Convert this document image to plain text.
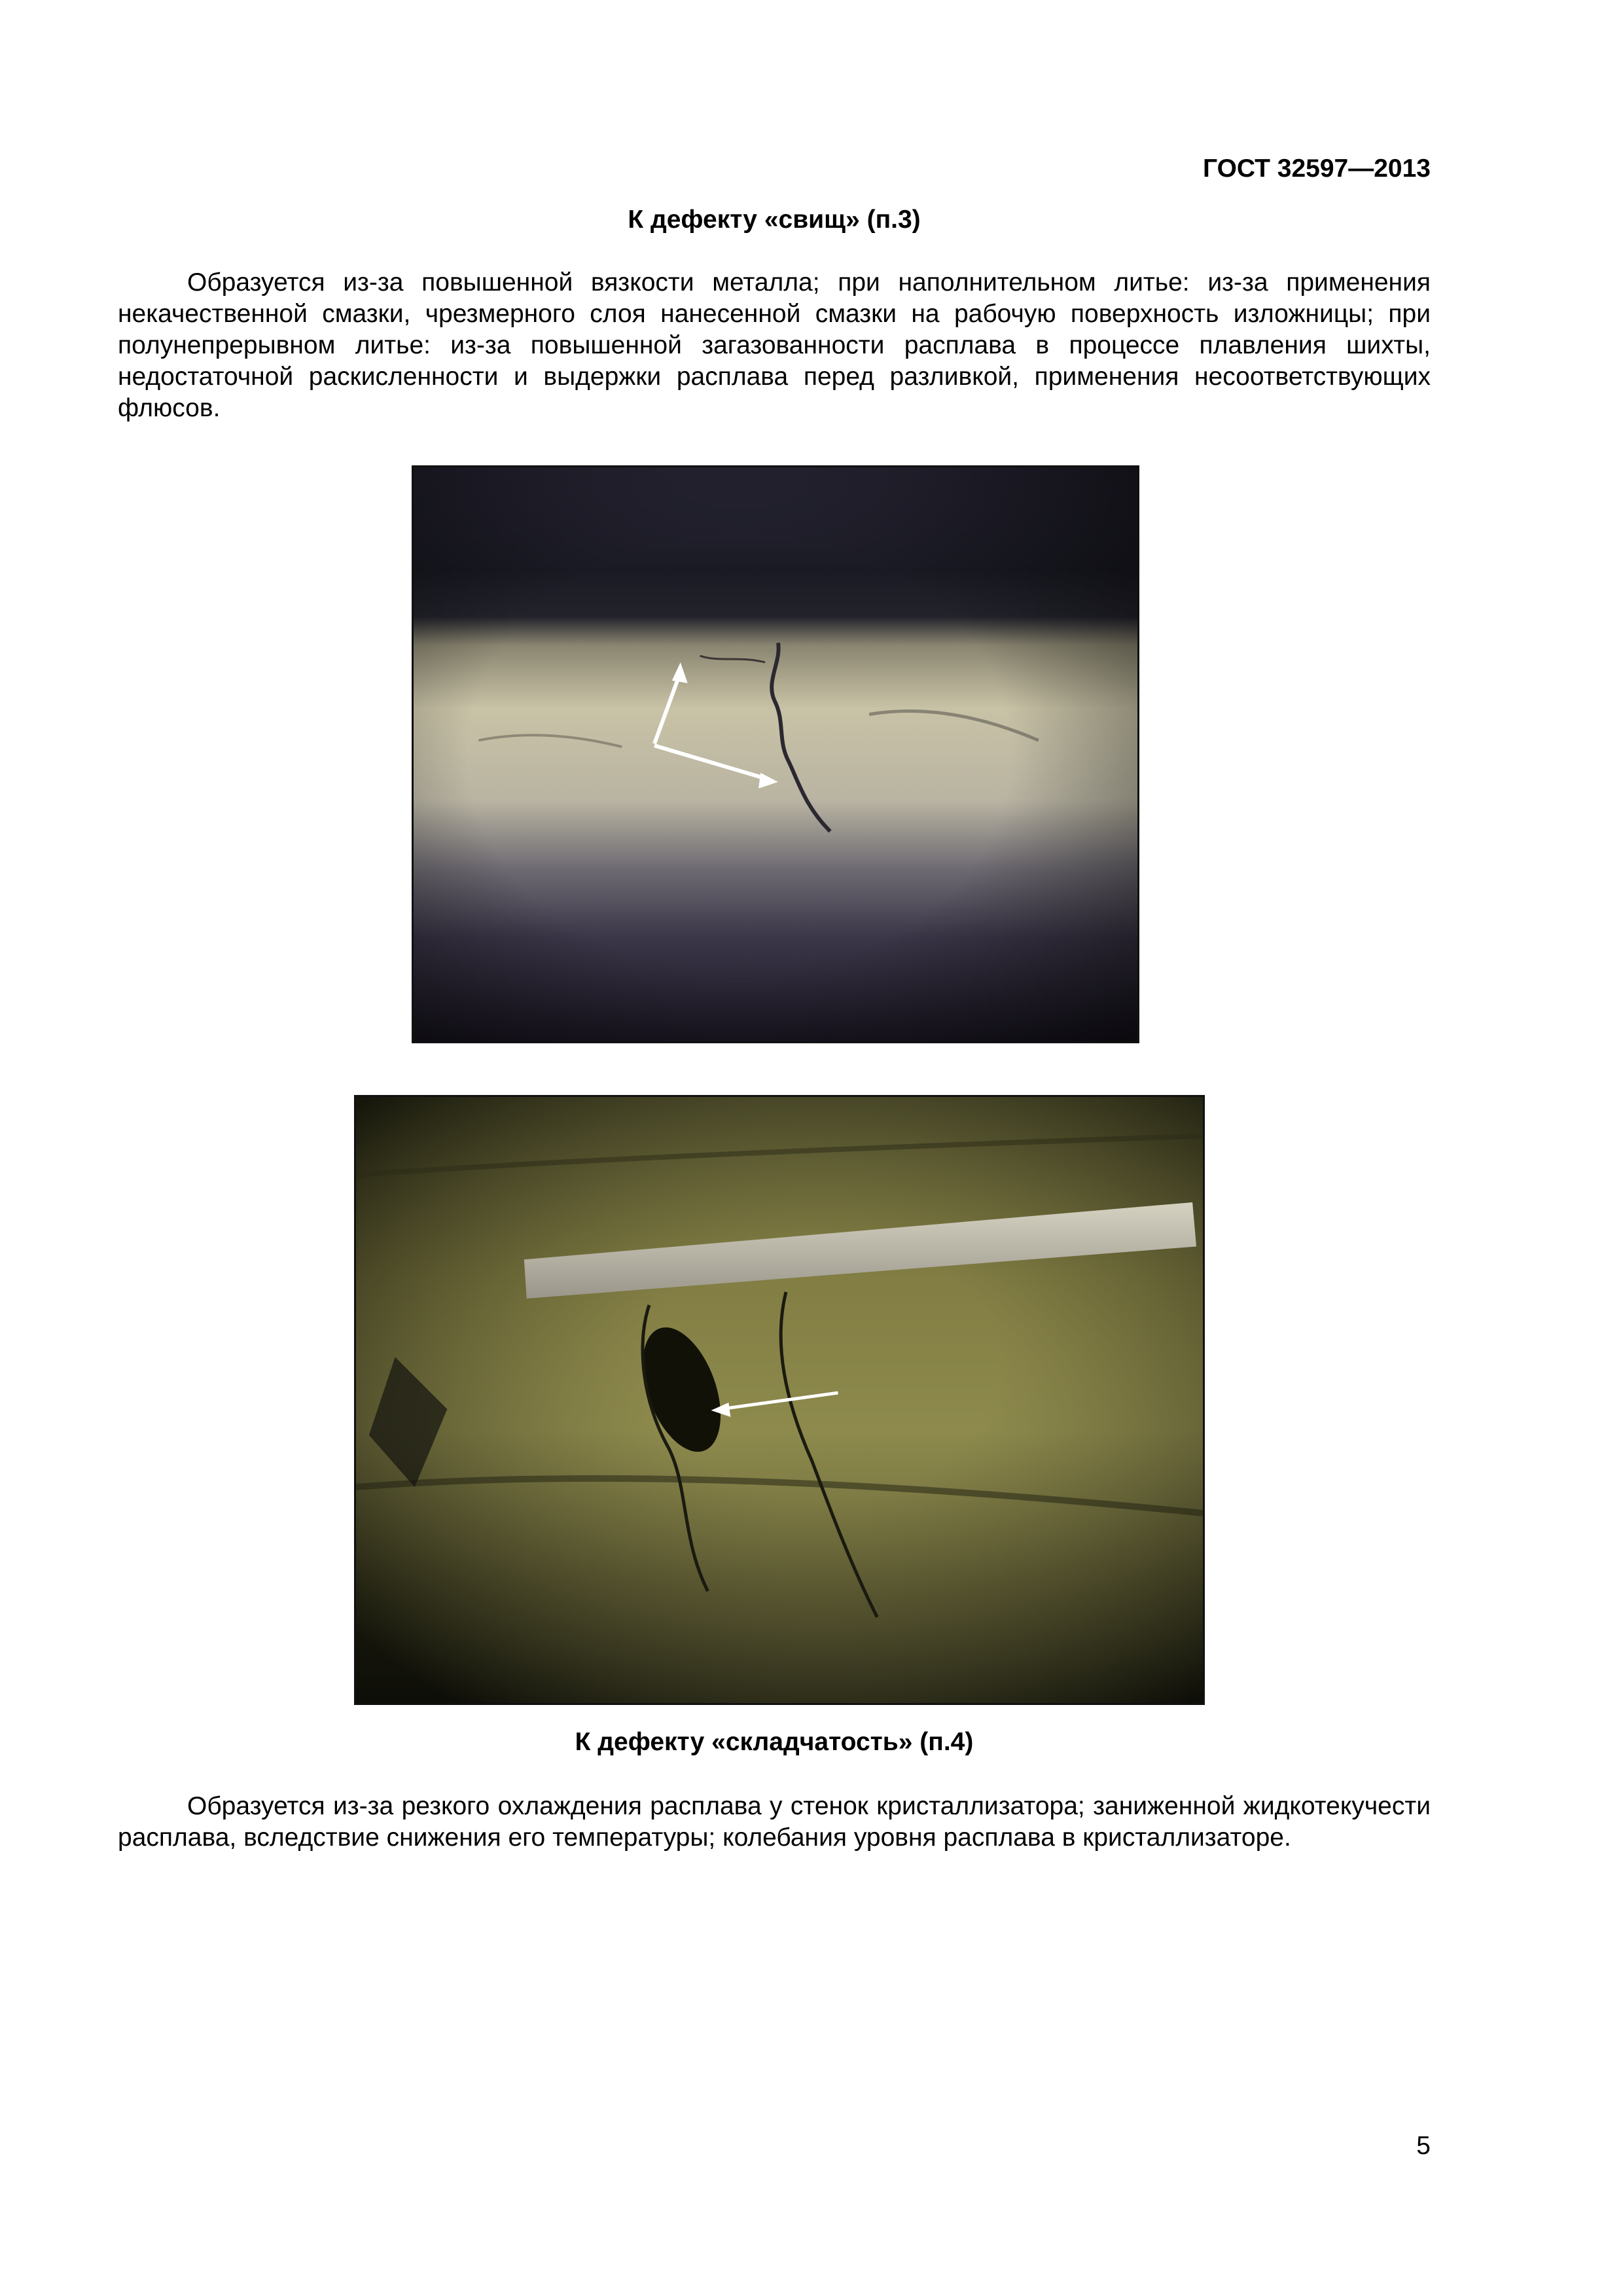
ГОСТ 32597—2013
К дефекту «свищ» (п.3)

Образуется из-за повышенной вязкости металла; при наполнительном литье: из-за применения некачественной смазки, чрезмерного слоя нанесенной смазки на рабочую поверхность изложницы; при полунепрерывном литье: из-за повышенной загазованности расплава в процессе плавления шихты, недостаточной раскисленности и выдержки расплава перед разливкой, применения несоответствующих флюсов.

К дефекту «складчатость» (п.4)

Образуется из-за резкого охлаждения расплава у стенок кристаллизатора; заниженной жидкотекучести расплава, вследствие снижения его температуры; колебания уровня расплава в кристаллизаторе.

5
